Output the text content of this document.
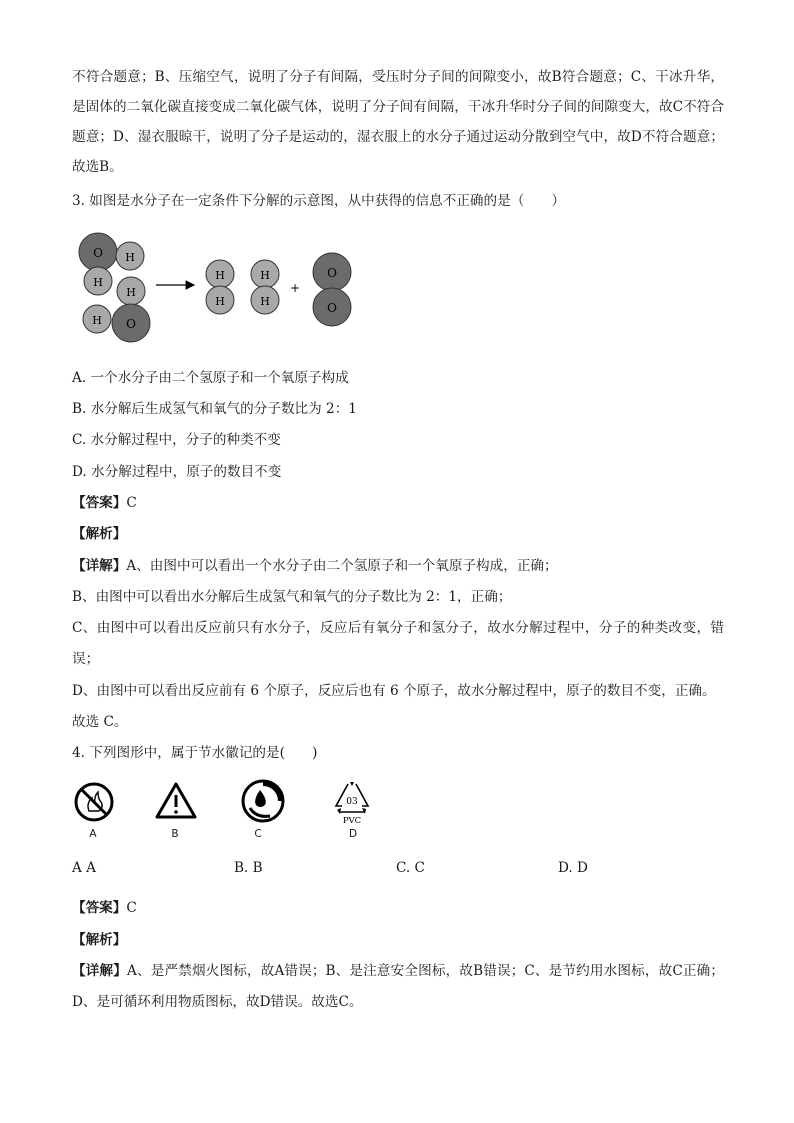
不符合题意；B、压缩空气，说明了分子有间隔，受压时分子间的间隙变小，故B符合题意；C、干冰升华，是固体的二氧化碳直接变成二氧化碳气体，说明了分子间有间隔，干冰升华时分子间的间隙变大，故C不符合题意；D、湿衣服晾干，说明了分子是运动的，湿衣服上的水分子通过运动分散到空气中，故D不符合题意；故选B。

3. 如图是水分子在一定条件下分解的示意图，从中获得的信息不正确的是（　　）
O H
H
H
H O
H
H
H
H
+
O
O
A. 一个水分子由二个氢原子和一个氧原子构成
B. 水分解后生成氢气和氧气的分子数比为 2：1
C. 水分解过程中，分子的种类不变
D. 水分解过程中，原子的数目不变
【答案】C
【解析】
【详解】A、由图中可以看出一个水分子由二个氢原子和一个氧原子构成，正确；
B、由图中可以看出水分解后生成氢气和氧气的分子数比为 2：1，正确；

C、由图中可以看出反应前只有水分子，反应后有氧分子和氢分子，故水分解过程中，分子的种类改变，错误；

D、由图中可以看出反应前有 6 个原子，反应后也有 6 个原子，故水分解过程中，原子的数目不变，正确。
故选 C。
4. 下列图形中，属于节水徽记的是(　　)
A	B	C
03
PVC
D
A A	B. B	C. C	D. D
【答案】C
【解析】

【详解】A、是严禁烟火图标，故A错误；B、是注意安全图标，故B错误；C、是节约用水图标，故C正确；D、是可循环利用物质图标，故D错误。故选C。
